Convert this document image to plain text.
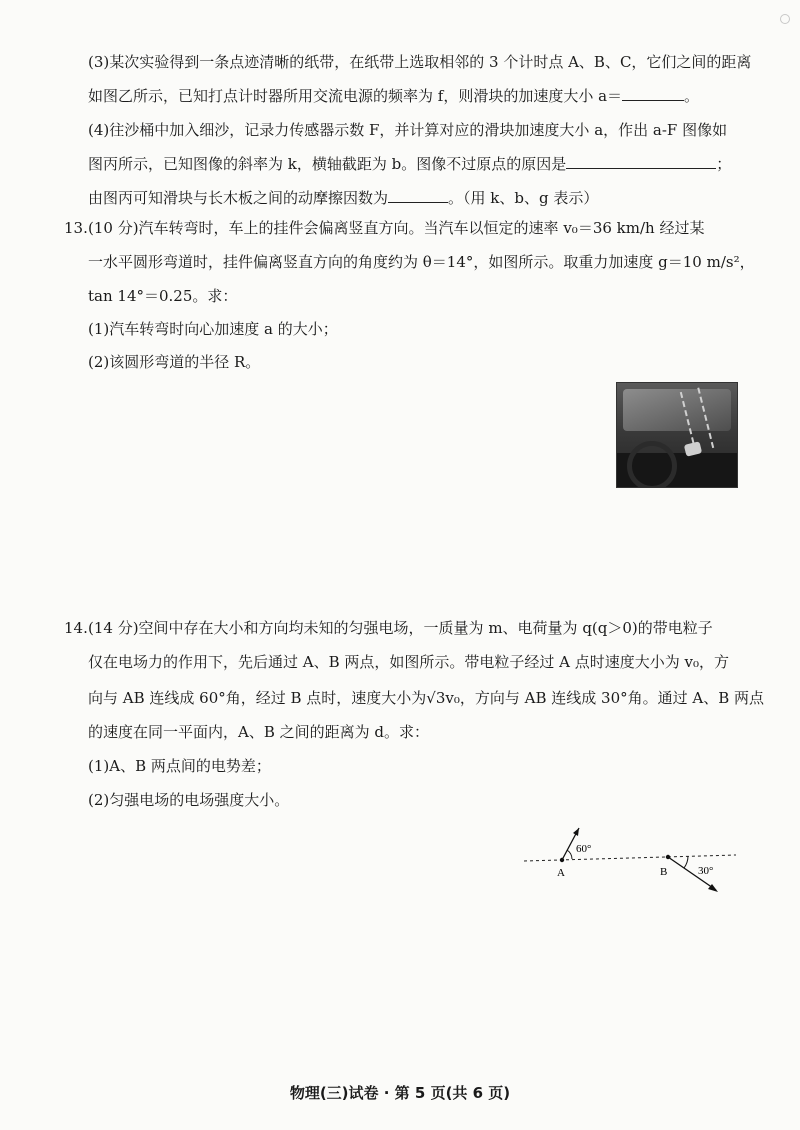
(3)某次实验得到一条点迹清晰的纸带，在纸带上选取相邻的 3 个计时点 A、B、C，它们之间的距离
如图乙所示，已知打点计时器所用交流电源的频率为 f，则滑块的加速度大小 a＝	。
(4)往沙桶中加入细沙，记录力传感器示数 F，并计算对应的滑块加速度大小 a，作出 a-F 图像如
图丙所示，已知图像的斜率为 k，横轴截距为 b。图像不过原点的原因是	；
由图丙可知滑块与长木板之间的动摩擦因数为	。（用 k、b、g 表示）
13. (10 分)汽车转弯时，车上的挂件会偏离竖直方向。当汽车以恒定的速率 v₀＝36 km/h 经过某
一水平圆形弯道时，挂件偏离竖直方向的角度约为 θ＝14°，如图所示。取重力加速度 g＝10 m/s²，
tan 14°＝0.25。求：
(1)汽车转弯时向心加速度 a 的大小；
(2)该圆形弯道的半径 R。
14. (14 分)空间中存在大小和方向均未知的匀强电场，一质量为 m、电荷量为 q(q＞0)的带电粒子
仅在电场力的作用下，先后通过 A、B 两点，如图所示。带电粒子经过 A 点时速度大小为 v₀，方
向与 AB 连线成 60°角，经过 B 点时，速度大小为√3v₀，方向与 AB 连线成 30°角。通过 A、B 两点
的速度在同一平面内，A、B 之间的距离为 d。求：
(1)A、B 两点间的电势差；
(2)匀强电场的电场强度大小。
A	B
60°
30°
物理(三)试卷 · 第 5 页(共 6 页)
